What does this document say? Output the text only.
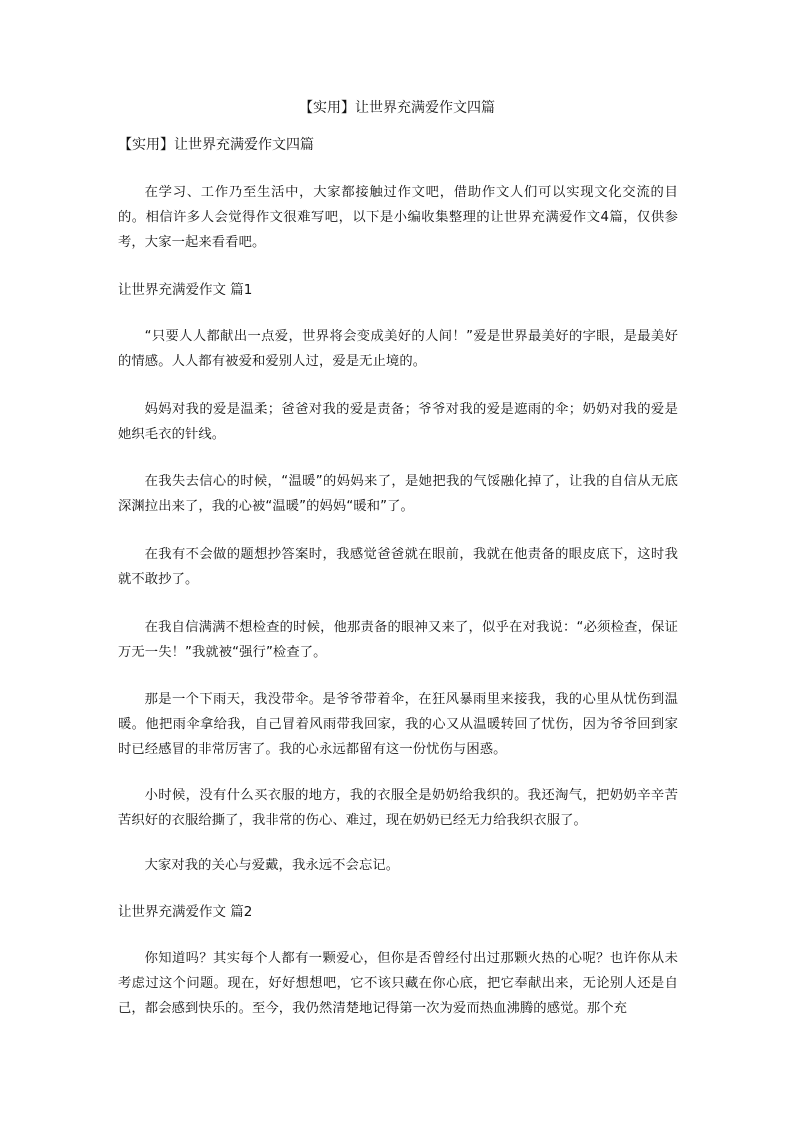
【实用】让世界充满爱作文四篇
【实用】让世界充满爱作文四篇

在学习、工作乃至生活中，大家都接触过作文吧，借助作文人们可以实现文化交流的目的。相信许多人会觉得作文很难写吧，以下是小编收集整理的让世界充满爱作文4篇，仅供参考，大家一起来看看吧。

让世界充满爱作文 篇1

“只要人人都献出一点爱，世界将会变成美好的人间！”爱是世界最美好的字眼，是最美好的情感。人人都有被爱和爱别人过，爱是无止境的。

妈妈对我的爱是温柔；爸爸对我的爱是责备；爷爷对我的爱是遮雨的伞；奶奶对我的爱是她织毛衣的针线。

在我失去信心的时候，“温暖”的妈妈来了，是她把我的气馁融化掉了，让我的自信从无底深渊拉出来了，我的心被“温暖”的妈妈“暖和”了。

在我有不会做的题想抄答案时，我感觉爸爸就在眼前，我就在他责备的眼皮底下，这时我就不敢抄了。

在我自信满满不想检查的时候，他那责备的眼神又来了，似乎在对我说：“必须检查，保证万无一失！”我就被“强行”检查了。

那是一个下雨天，我没带伞。是爷爷带着伞，在狂风暴雨里来接我，我的心里从忧伤到温暖。他把雨伞拿给我，自己冒着风雨带我回家，我的心又从温暖转回了忧伤，因为爷爷回到家时已经感冒的非常厉害了。我的心永远都留有这一份忧伤与困惑。

小时候，没有什么买衣服的地方，我的衣服全是奶奶给我织的。我还淘气，把奶奶辛辛苦苦织好的衣服给撕了，我非常的伤心、难过，现在奶奶已经无力给我织衣服了。

大家对我的关心与爱戴，我永远不会忘记。

让世界充满爱作文 篇2

你知道吗？其实每个人都有一颗爱心，但你是否曾经付出过那颗火热的心呢？也许你从未考虑过这个问题。现在，好好想想吧，它不该只藏在你心底，把它奉献出来，无论别人还是自己，都会感到快乐的。至今，我仍然清楚地记得第一次为爱而热血沸腾的感觉。那个充
